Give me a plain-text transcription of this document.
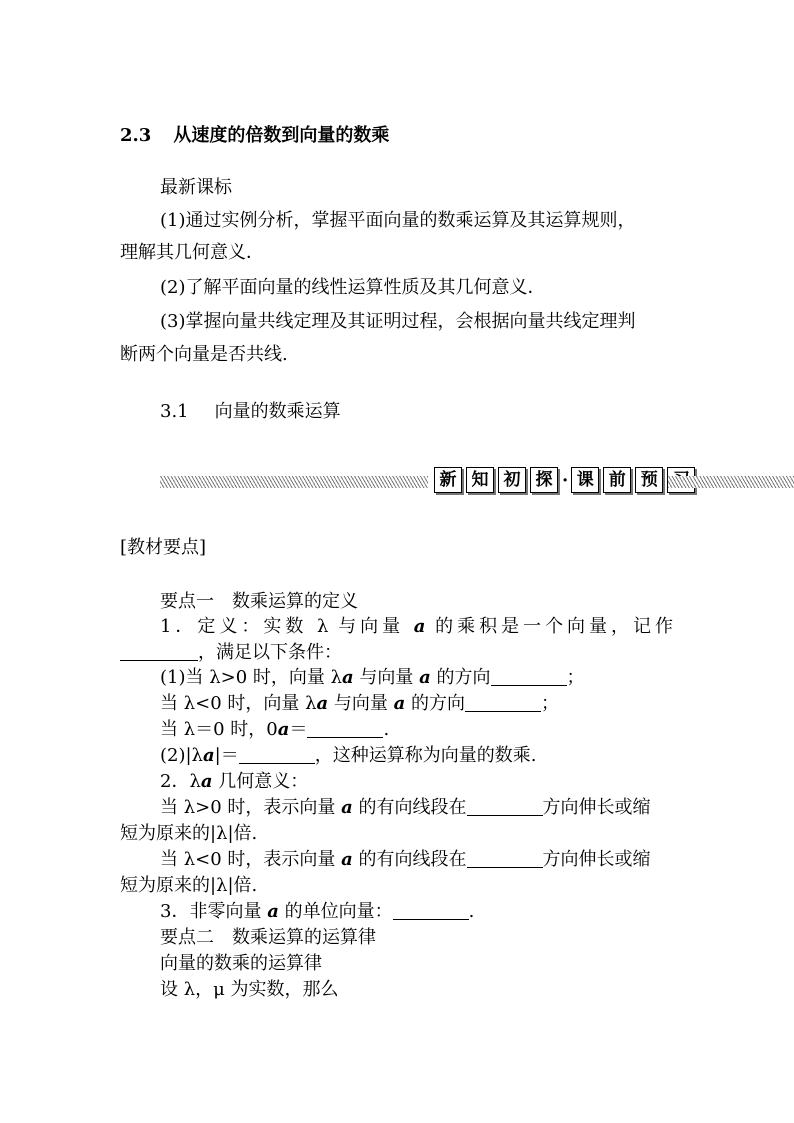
2.3 从速度的倍数到向量的数乘
最新课标
(1)通过实例分析，掌握平面向量的数乘运算及其运算规则，
理解其几何意义．
(2)了解平面向量的线性运算性质及其几何意义．
(3)掌握向量共线定理及其证明过程，会根据向量共线定理判
断两个向量是否共线.
3.1 向量的数乘运算
新 知 初 探 · 课 前 预
[教材要点]
要点一 数乘运算的定义
1．定义：实数 λ 与向量 a 的乘积是一个向量，记作
，满足以下条件：
(1)当 λ>0 时，向量 λa 与向量 a 的方向	；
当 λ<0 时，向量 λa 与向量 a 的方向	；
当 λ＝0 时，0a＝	.
(2)|λa|＝	，这种运算称为向量的数乘.
2．λa 几何意义：
当 λ>0 时，表示向量 a 的有向线段在	方向伸长或缩
短为原来的|λ|倍.
当 λ<0 时，表示向量 a 的有向线段在	方向伸长或缩
短为原来的|λ|倍.
3．非零向量 a 的单位向量：	.
要点二 数乘运算的运算律
向量的数乘的运算律
设 λ，μ 为实数，那么
